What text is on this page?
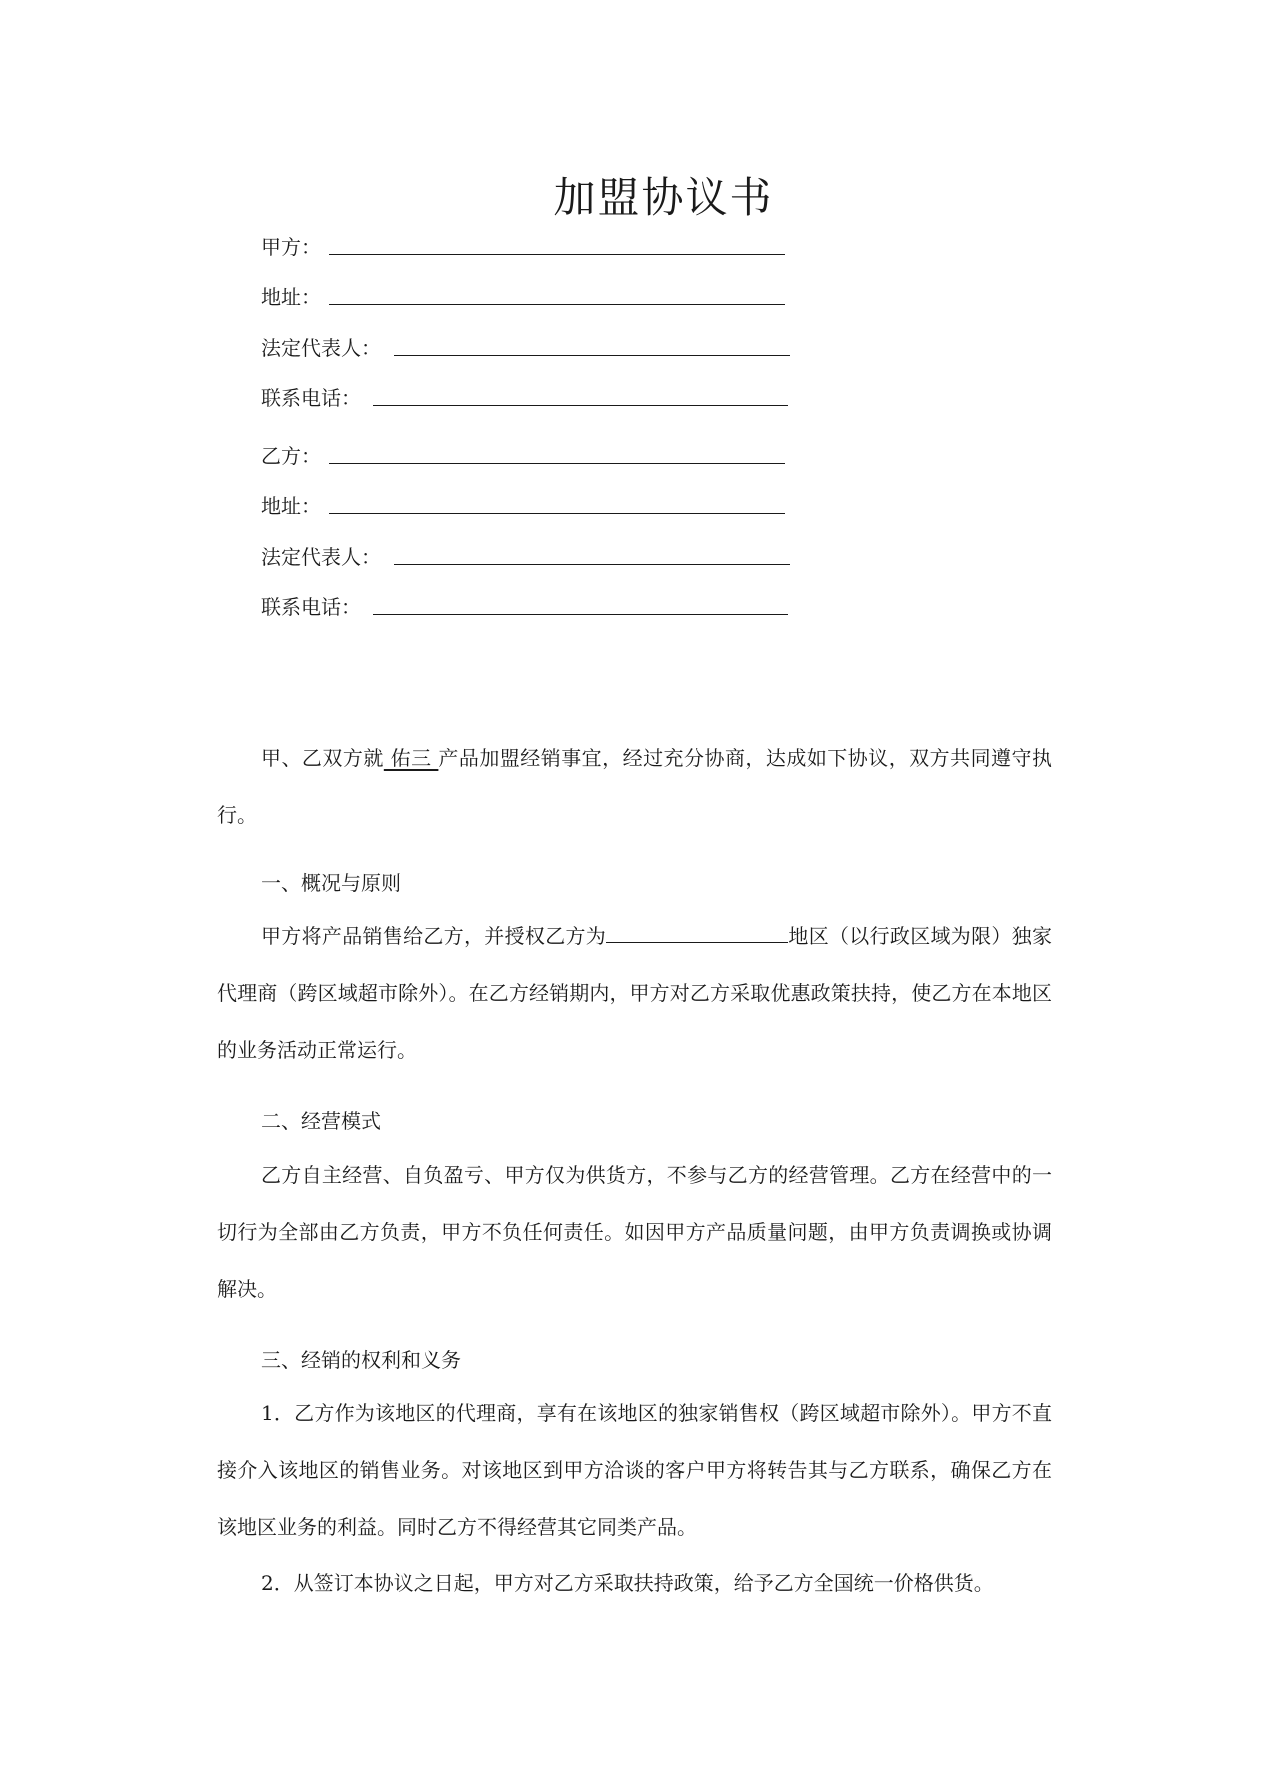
加盟协议书
甲方：
地址：
法定代表人：
联系电话：
乙方：
地址：
法定代表人：
联系电话：

甲、乙双方就 佑三 产品加盟经销事宜，经过充分协商，达成如下协议，双方共同遵守执行。

一、概况与原则

甲方将产品销售给乙方，并授权乙方为	地区（以行政区域为限）独家代理商（跨区域超市除外）。在乙方经销期内，甲方对乙方采取优惠政策扶持，使乙方在本地区的业务活动正常运行。

二、经营模式

乙方自主经营、自负盈亏、甲方仅为供货方，不参与乙方的经营管理。乙方在经营中的一切行为全部由乙方负责，甲方不负任何责任。如因甲方产品质量问题，由甲方负责调换或协调解决。

三、经销的权利和义务

1．乙方作为该地区的代理商，享有在该地区的独家销售权（跨区域超市除外）。甲方不直接介入该地区的销售业务。对该地区到甲方洽谈的客户甲方将转告其与乙方联系，确保乙方在该地区业务的利益。同时乙方不得经营其它同类产品。

2．从签订本协议之日起，甲方对乙方采取扶持政策，给予乙方全国统一价格供货。
